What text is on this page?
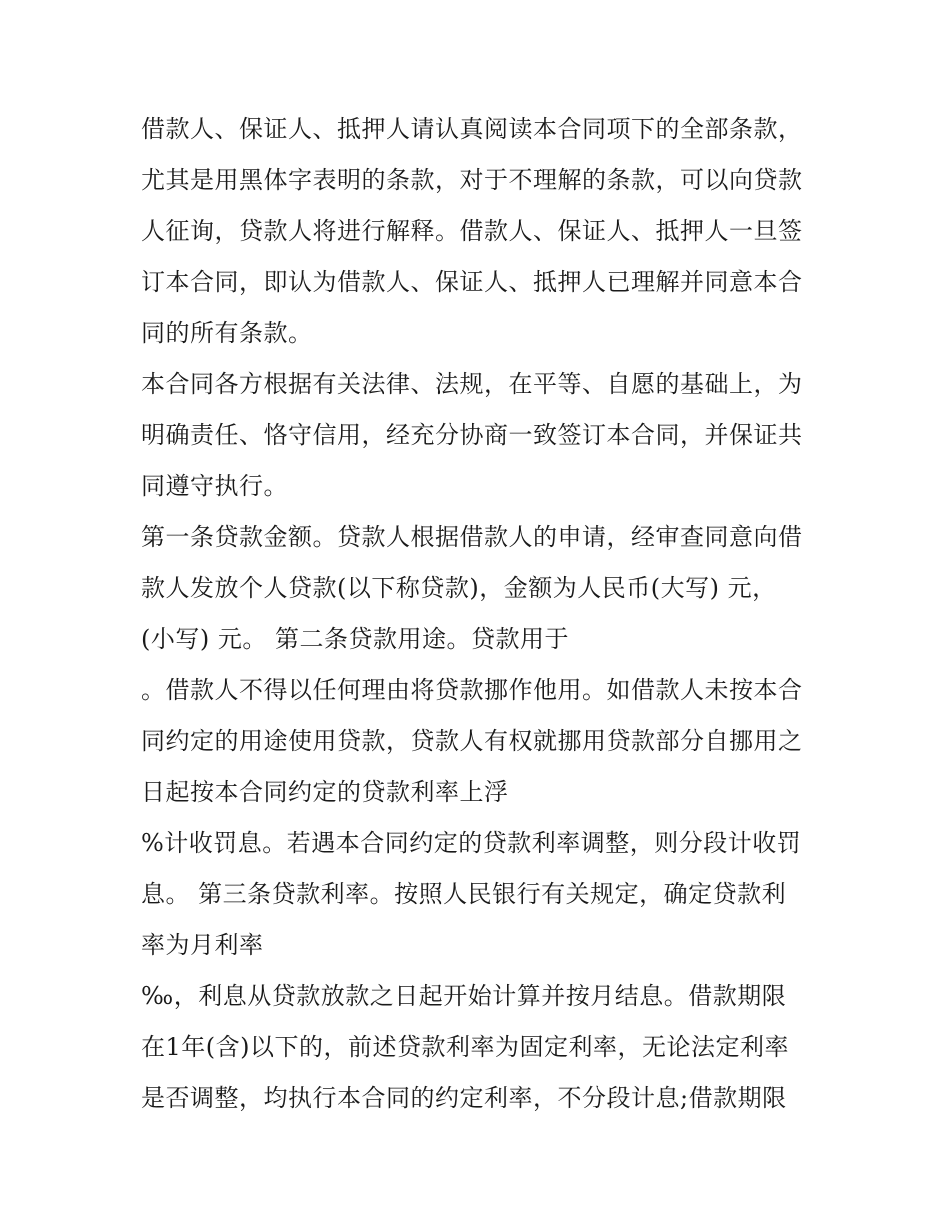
借款人、保证人、抵押人请认真阅读本合同项下的全部条款，
尤其是用黑体字表明的条款，对于不理解的条款，可以向贷款
人征询，贷款人将进行解释。借款人、保证人、抵押人一旦签
订本合同，即认为借款人、保证人、抵押人已理解并同意本合
同的所有条款。
本合同各方根据有关法律、法规，在平等、自愿的基础上，为
明确责任、恪守信用，经充分协商一致签订本合同，并保证共
同遵守执行。
第一条贷款金额。贷款人根据借款人的申请，经审查同意向借
款人发放个人贷款(以下称贷款)，金额为人民币(大写) 元，
(小写) 元。 第二条贷款用途。贷款用于
。借款人不得以任何理由将贷款挪作他用。如借款人未按本合
同约定的用途使用贷款，贷款人有权就挪用贷款部分自挪用之
日起按本合同约定的贷款利率上浮
%计收罚息。若遇本合同约定的贷款利率调整，则分段计收罚
息。 第三条贷款利率。按照人民银行有关规定，确定贷款利
率为月利率
‰，利息从贷款放款之日起开始计算并按月结息。借款期限
在1年(含)以下的，前述贷款利率为固定利率，无论法定利率
是否调整，均执行本合同的约定利率，不分段计息;借款期限
